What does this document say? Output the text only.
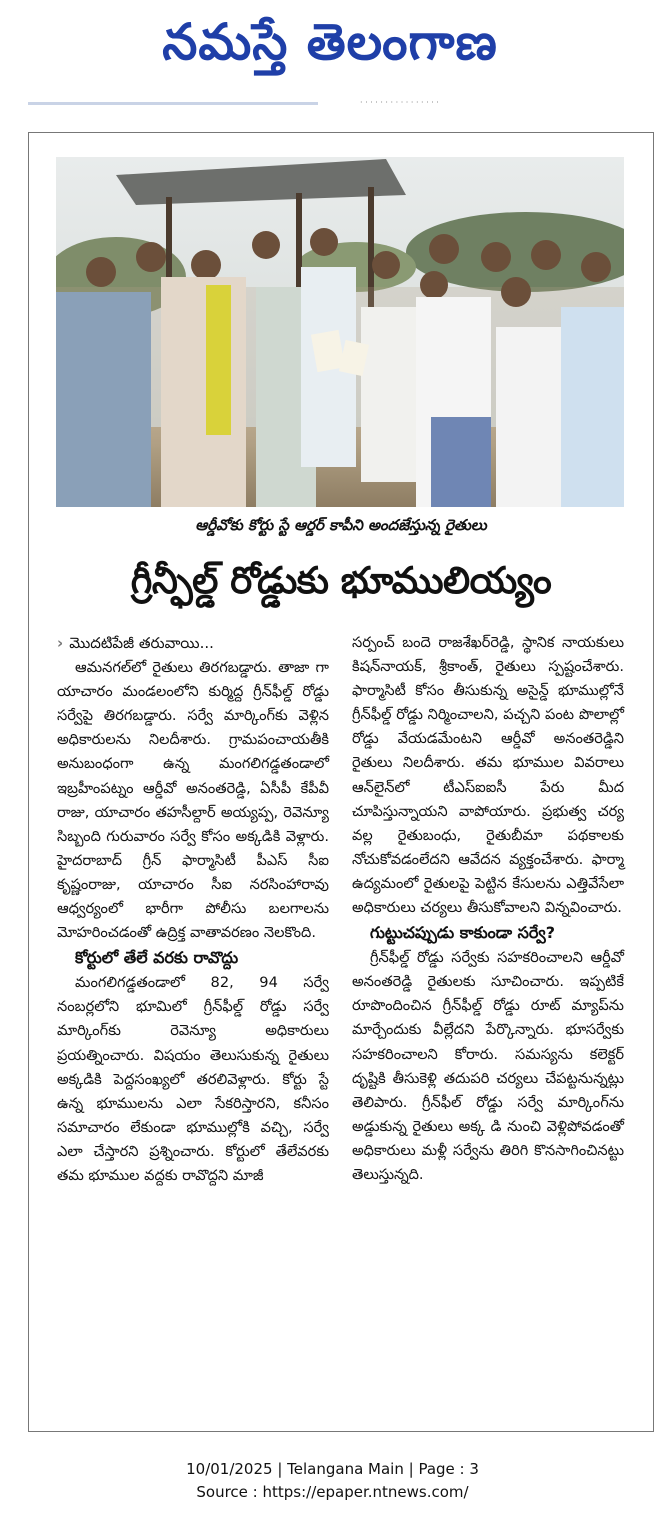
నమస్తే తెలంగాణ
· · · · · · · · · · · · · · · ·
ఆర్డీవోకు కోర్టు స్టే ఆర్డర్ కాపీని అందజేస్తున్న రైతులు
గ్రీన్ఫీల్డ్ రోడ్డుకు భూములియ్యం

› మొదటిపేజీ తరువాయి...

ఆమనగల్‌లో రైతులు తిరగబడ్డారు. తాజా గా యాచారం మండలంలోని కుర్మిద్ద గ్రీన్‌ఫీల్డ్ రోడ్డు సర్వేపై తిరగబడ్డారు. సర్వే మార్కింగ్‌కు వెళ్లిన అధికారులను నిలదీశారు. గ్రామపంచాయతీకి అనుబంధంగా ఉన్న మంగలిగడ్డతండాలో ఇబ్రహీంపట్నం ఆర్డీవో అనంతరెడ్డి, ఏసీపీ కేపీవీ రాజు, యాచారం తహసీల్దార్ అయ్యప్ప, రెవెన్యూ సిబ్బంది గురువారం సర్వే కోసం అక్కడికి వెళ్లారు. హైదరాబాద్ గ్రీన్ ఫార్మాసిటీ పీఎస్ సీఐ కృష్ణంరాజు, యాచారం సీఐ నరసింహారావు ఆధ్వర్యంలో భారీగా పోలీసు బలగాలను మోహరించడంతో ఉద్రిక్త వాతావరణం నెలకొంది.

కోర్టులో తేలే వరకు రావొద్దు

మంగలిగడ్డతండాలో 82, 94 సర్వే నంబర్లలోని భూమిలో గ్రీన్‌ఫీల్డ్ రోడ్డు సర్వే మార్కింగ్‌కు రెవెన్యూ అధికారులు ప్రయత్నించారు. విషయం తెలుసుకున్న రైతులు అక్కడికి పెద్దసంఖ్యలో తరలివెళ్లారు. కోర్టు స్టే ఉన్న భూములను ఎలా సేకరిస్తారని, కనీసం సమాచారం లేకుండా భూముల్లోకి వచ్చి, సర్వే ఎలా చేస్తారని ప్రశ్నించారు. కోర్టులో తేలేవరకు తమ భూముల వద్దకు రావొద్దని మాజీ

సర్పంచ్ బందె రాజశేఖర్‌రెడ్డి, స్థానిక నాయకులు కిషన్‌నాయక్, శ్రీకాంత్, రైతులు స్పష్టంచేశారు. ఫార్మాసిటీ కోసం తీసుకున్న అసైన్డ్ భూముల్లోనే గ్రీన్‌ఫీల్డ్ రోడ్డు నిర్మించాలని, పచ్చని పంట పొలాల్లో రోడ్డు వేయడమేంటని ఆర్డీవో అనంతరెడ్డిని రైతులు నిలదీశారు. తమ భూముల వివరాలు ఆన్‌లైన్‌లో టీఎస్ఐఐసీ పేరు మీద చూపిస్తున్నాయని వాపోయారు. ప్రభుత్వ చర్య వల్ల రైతుబంధు, రైతుబీమా పథకాలకు నోచుకోవడంలేదని ఆవేదన వ్యక్తంచేశారు. ఫార్మా ఉద్యమంలో రైతులపై పెట్టిన కేసులను ఎత్తివేసేలా అధికారులు చర్యలు తీసుకోవాలని విన్నవించారు.

గుట్టుచప్పుడు కాకుండా సర్వే?

గ్రీన్‌ఫీల్డ్ రోడ్డు సర్వేకు సహకరించాలని ఆర్డీవో అనంతరెడ్డి రైతులకు సూచించారు. ఇప్పటికే రూపొందించిన గ్రీన్‌ఫీల్డ్ రోడ్డు రూట్ మ్యాప్‌ను మార్చేందుకు వీల్లేదని పేర్కొన్నారు. భూసర్వేకు సహకరించాలని కోరారు. సమస్యను కలెక్టర్ దృష్టికి తీసుకెళ్లి తదుపరి చర్యలు చేపట్టనున్నట్లు తెలిపారు. గ్రీన్‌ఫీల్ రోడ్డు సర్వే మార్కింగ్‌ను అడ్డుకున్న రైతులు అక్క డి నుంచి వెళ్లిపోవడంతో అధికారులు మళ్లీ సర్వేను తిరిగి కొనసాగించినట్టు తెలుస్తున్నది.

10/01/2025 | Telangana Main | Page : 3
Source : https://epaper.ntnews.com/
